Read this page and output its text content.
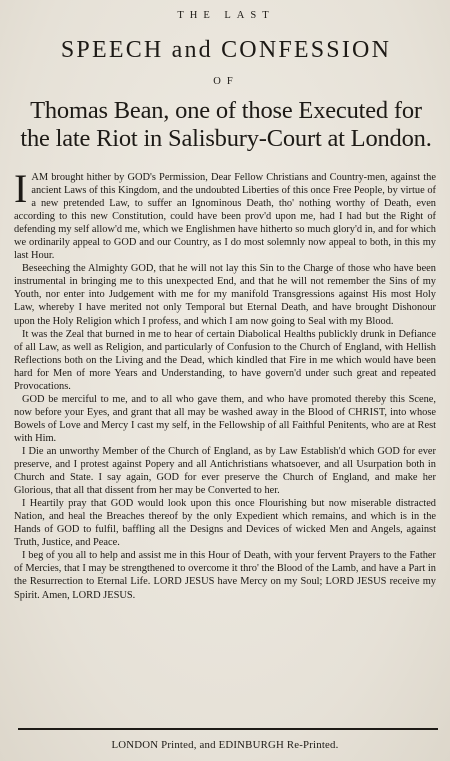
THE LAST
SPEECH and CONFESSION
OF
Thomas Bean, one of those Executed for the late Riot in Salisbury-Court at London.

IAM brought hither by GOD's Permission, Dear Fellow Christians and Country-men, against the ancient Laws of this Kingdom, and the undoubted Liberties of this once Free People, by virtue of a new pretended Law, to suffer an Ignominous Death, tho' nothing worthy of Death, even according to this new Constitution, could have been prov'd upon me, had I had but the Right of defending my self allow'd me, which we Englishmen have hitherto so much glory'd in, and for which we ordinarily appeal to GOD and our Country, as I do most solemnly now appeal to both, in this my last Hour.

Beseeching the Almighty GOD, that he will not lay this Sin to the Charge of those who have been instrumental in bringing me to this unexpected End, and that he will not remember the Sins of my Youth, nor enter into Judgement with me for my manifold Transgressions against His most Holy Law, whereby I have merited not only Temporal but Eternal Death, and have brought Dishonour upon the Holy Religion which I profess, and which I am now going to Seal with my Blood.

It was the Zeal that burned in me to hear of certain Diabolical Healths publickly drunk in Defiance of all Law, as well as Religion, and particularly of Confusion to the Church of England, with Hellish Reflections both on the Living and the Dead, which kindled that Fire in me which would have been hard for Men of more Years and Understanding, to have govern'd under such great and repeated Provocations.

GOD be merciful to me, and to all who gave them, and who have promoted thereby this Scene, now before your Eyes, and grant that all may be washed away in the Blood of CHRIST, into whose Bowels of Love and Mercy I cast my self, in the Fellowship of all Faithful Penitents, who are at Rest with Him.

I Die an unworthy Member of the Church of England, as by Law Establish'd which GOD for ever preserve, and I protest against Popery and all Antichristians whatsoever, and all Usurpation both in Church and State. I say again, GOD for ever preserve the Church of England, and make her Glorious, that all that dissent from her may be Converted to her.

I Heartily pray that GOD would look upon this once Flourishing but now miserable distracted Nation, and heal the Breaches thereof by the only Expedient which remains, and which is in the Hands of GOD to fulfil, baffling all the Designs and Devices of wicked Men and Angels, against Truth, Justice, and Peace.

I beg of you all to help and assist me in this Hour of Death, with your fervent Prayers to the Father of Mercies, that I may be strengthened to overcome it thro' the Blood of the Lamb, and have a Part in the Resurrection to Eternal Life. LORD JESUS have Mercy on my Soul; LORD JESUS receive my Spirit. Amen, LORD JESUS.

LONDON Printed, and EDINBURGH Re-Printed.
